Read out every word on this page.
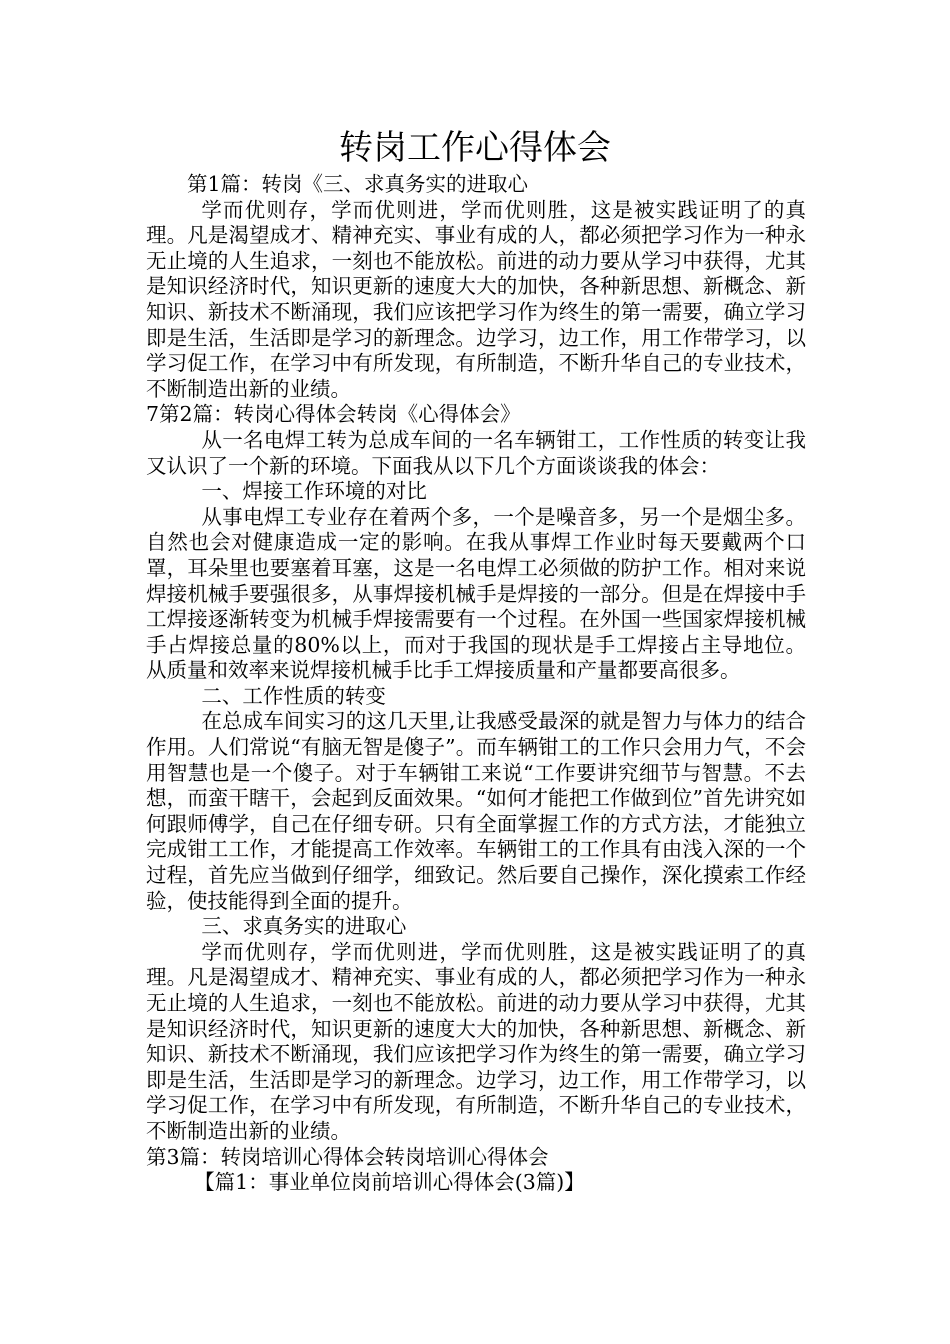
转岗工作心得体会

第1篇：转岗《三、求真务实的进取心

学而优则存，学而优则进，学而优则胜，这是被实践证明了的真理。凡是渴望成才、精神充实、事业有成的人，都必须把学习作为一种永无止境的人生追求，一刻也不能放松。前进的动力要从学习中获得，尤其是知识经济时代，知识更新的速度大大的加快，各种新思想、新概念、新知识、新技术不断涌现，我们应该把学习作为终生的第一需要，确立学习即是生活，生活即是学习的新理念。边学习，边工作，用工作带学习，以学习促工作，在学习中有所发现，有所制造，不断升华自己的专业技术，不断制造出新的业绩。

7第2篇：转岗心得体会转岗《心得体会》

从一名电焊工转为总成车间的一名车辆钳工，工作性质的转变让我又认识了一个新的环境。下面我从以下几个方面谈谈我的体会：

一、焊接工作环境的对比

从事电焊工专业存在着两个多，一个是噪音多，另一个是烟尘多。自然也会对健康造成一定的影响。在我从事焊工作业时每天要戴两个口罩，耳朵里也要塞着耳塞，这是一名电焊工必须做的防护工作。相对来说焊接机械手要强很多，从事焊接机械手是焊接的一部分。但是在焊接中手工焊接逐渐转变为机械手焊接需要有一个过程。在外国一些国家焊接机械手占焊接总量的80%以上，而对于我国的现状是手工焊接占主导地位。从质量和效率来说焊接机械手比手工焊接质量和产量都要高很多。

二、工作性质的转变

在总成车间实习的这几天里,让我感受最深的就是智力与体力的结合作用。人们常说“有脑无智是傻子”。而车辆钳工的工作只会用力气，不会用智慧也是一个傻子。对于车辆钳工来说“工作要讲究细节与智慧。不去想，而蛮干瞎干，会起到反面效果。“如何才能把工作做到位”首先讲究如何跟师傅学，自己在仔细专研。只有全面掌握工作的方式方法，才能独立完成钳工工作，才能提高工作效率。车辆钳工的工作具有由浅入深的一个过程，首先应当做到仔细学，细致记。然后要自己操作，深化摸索工作经验，使技能得到全面的提升。

三、求真务实的进取心

学而优则存，学而优则进，学而优则胜，这是被实践证明了的真理。凡是渴望成才、精神充实、事业有成的人，都必须把学习作为一种永无止境的人生追求，一刻也不能放松。前进的动力要从学习中获得，尤其是知识经济时代，知识更新的速度大大的加快，各种新思想、新概念、新知识、新技术不断涌现，我们应该把学习作为终生的第一需要，确立学习即是生活，生活即是学习的新理念。边学习，边工作，用工作带学习，以学习促工作，在学习中有所发现，有所制造，不断升华自己的专业技术，不断制造出新的业绩。

第3篇：转岗培训心得体会转岗培训心得体会

【篇1：事业单位岗前培训心得体会(3篇)】
